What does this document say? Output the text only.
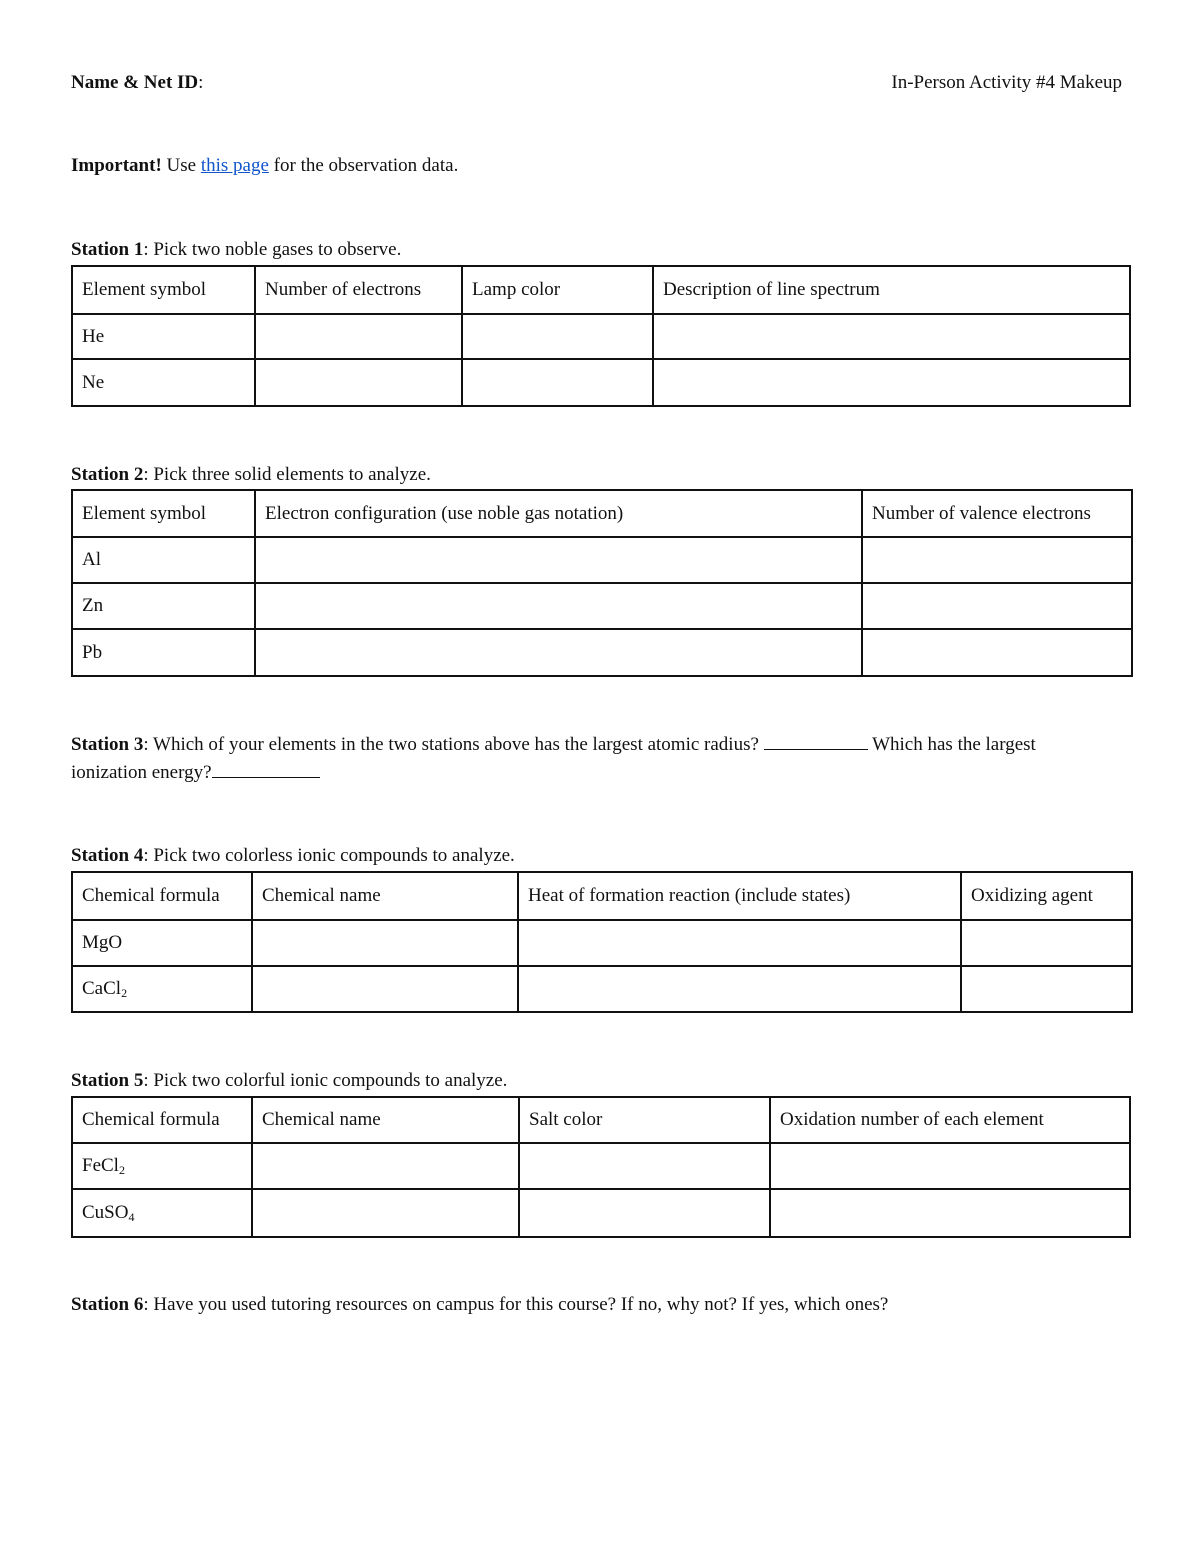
Name & Net ID:	In-Person Activity #4 Makeup
Important! Use this page for the observation data.
Station 1: Pick two noble gases to observe.
Element symbol	Number of electrons	Lamp color	Description of line spectrum
He			
Ne			
Station 2: Pick three solid elements to analyze.
Element symbol	Electron configuration (use noble gas notation)	Number of valence electrons
Al		
Zn		
Pb		
Station 3: Which of your elements in the two stations above has the largest atomic radius?	Which has the largest
ionization energy?
Station 4: Pick two colorless ionic compounds to analyze.
Chemical formula	Chemical name	Heat of formation reaction (include states)	Oxidizing agent
MgO			
CaCl$_2$			
Station 5: Pick two colorful ionic compounds to analyze.
Chemical formula	Chemical name	Salt color	Oxidation number of each element
FeCl$_2$			
CuSO$_4$			
Station 6: Have you used tutoring resources on campus for this course? If no, why not? If yes, which ones?
